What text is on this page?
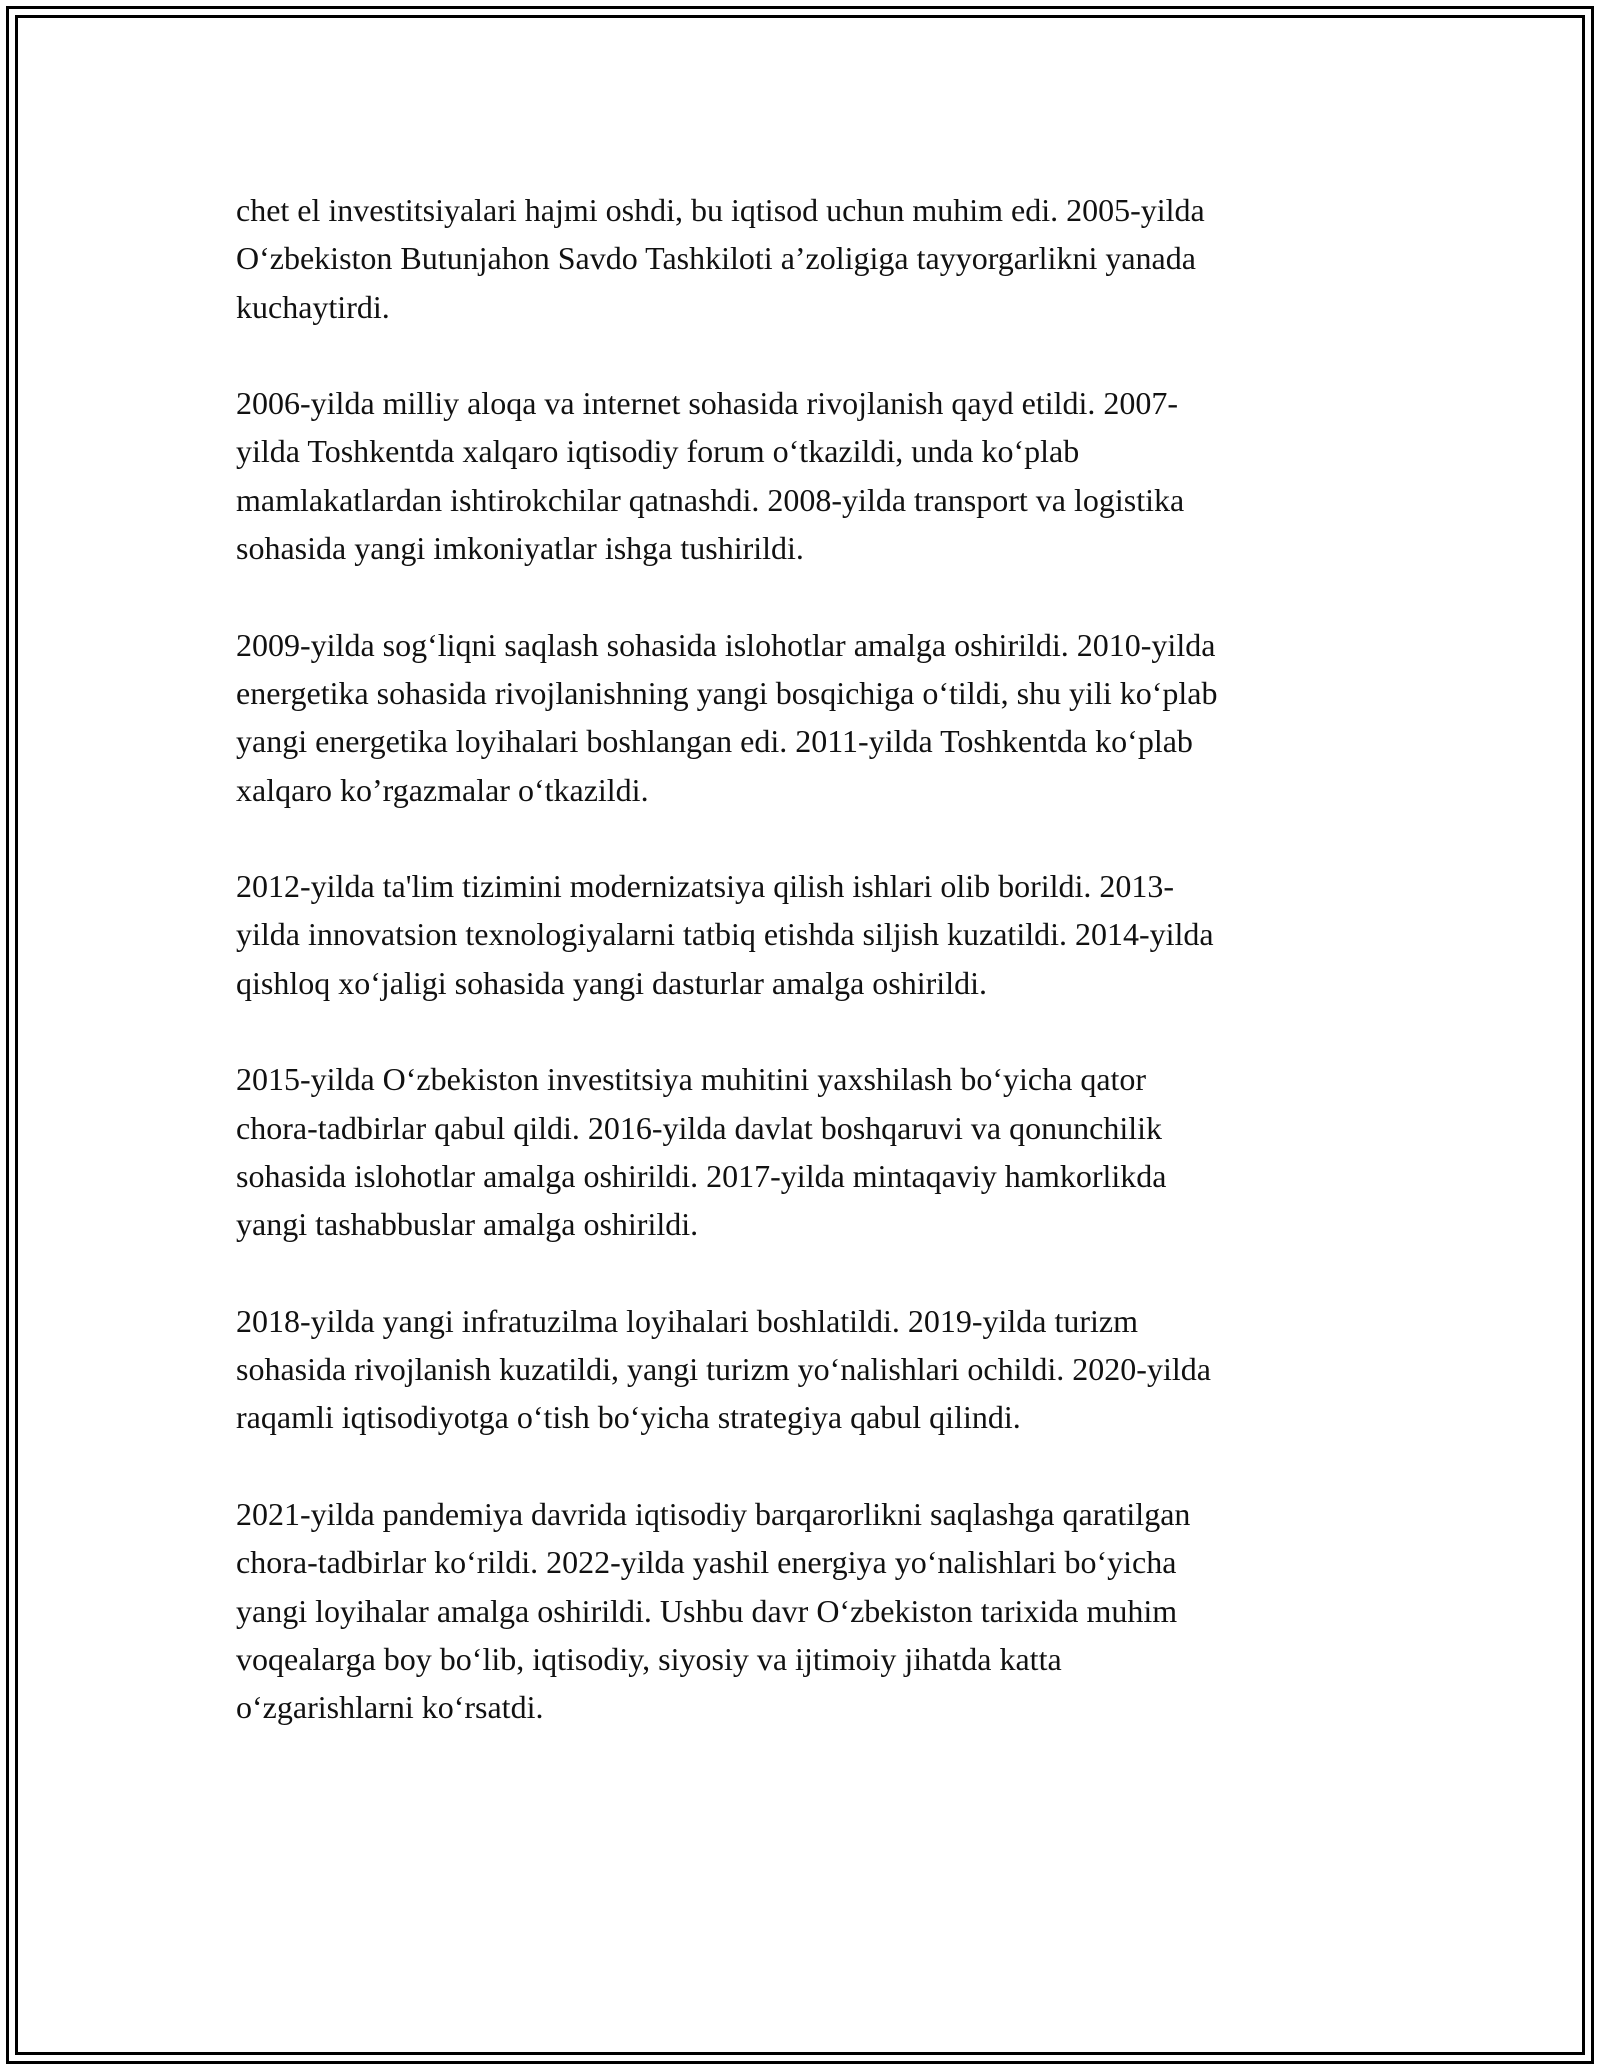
chet el investitsiyalari hajmi oshdi, bu iqtisod uchun muhim edi. 2005-yilda
O‘zbekiston Butunjahon Savdo Tashkiloti a’zoligiga tayyorgarlikni yanada
kuchaytirdi.

2006-yilda milliy aloqa va internet sohasida rivojlanish qayd etildi. 2007-
yilda Toshkentda xalqaro iqtisodiy forum o‘tkazildi, unda ko‘plab
mamlakatlardan ishtirokchilar qatnashdi. 2008-yilda transport va logistika
sohasida yangi imkoniyatlar ishga tushirildi.

2009-yilda sog‘liqni saqlash sohasida islohotlar amalga oshirildi. 2010-yilda
energetika sohasida rivojlanishning yangi bosqichiga o‘tildi, shu yili ko‘plab
yangi energetika loyihalari boshlangan edi. 2011-yilda Toshkentda ko‘plab
xalqaro ko’rgazmalar o‘tkazildi.

2012-yilda ta'lim tizimini modernizatsiya qilish ishlari olib borildi. 2013-
yilda innovatsion texnologiyalarni tatbiq etishda siljish kuzatildi. 2014-yilda
qishloq xo‘jaligi sohasida yangi dasturlar amalga oshirildi.

2015-yilda O‘zbekiston investitsiya muhitini yaxshilash bo‘yicha qator
chora-tadbirlar qabul qildi. 2016-yilda davlat boshqaruvi va qonunchilik
sohasida islohotlar amalga oshirildi. 2017-yilda mintaqaviy hamkorlikda
yangi tashabbuslar amalga oshirildi.

2018-yilda yangi infratuzilma loyihalari boshlatildi. 2019-yilda turizm
sohasida rivojlanish kuzatildi, yangi turizm yo‘nalishlari ochildi. 2020-yilda
raqamli iqtisodiyotga o‘tish bo‘yicha strategiya qabul qilindi.

2021-yilda pandemiya davrida iqtisodiy barqarorlikni saqlashga qaratilgan
chora-tadbirlar ko‘rildi. 2022-yilda yashil energiya yo‘nalishlari bo‘yicha
yangi loyihalar amalga oshirildi. Ushbu davr O‘zbekiston tarixida muhim
voqealarga boy bo‘lib, iqtisodiy, siyosiy va ijtimoiy jihatda katta
o‘zgarishlarni ko‘rsatdi.
